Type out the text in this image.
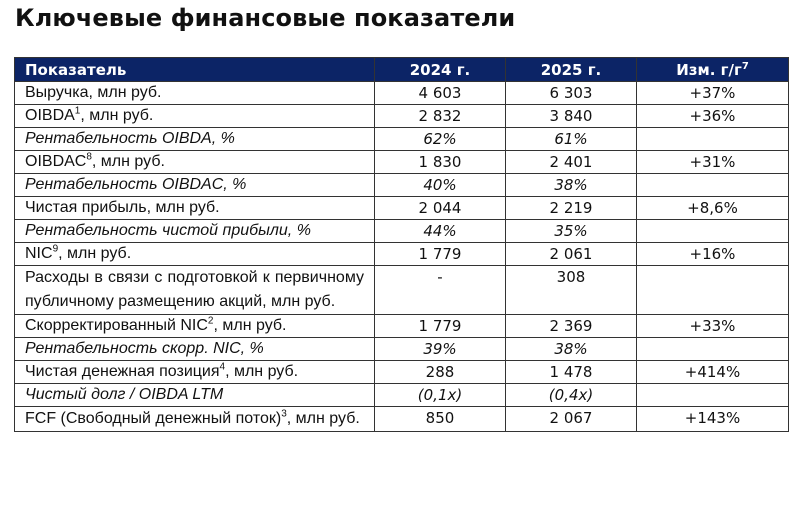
Ключевые финансовые показатели
Показатель	2024 г.	2025 г.	Изм. $г/г^7$
Выручка, млн руб.	4 603	6 303	+37%
OIBDA$^1$, млн руб.	2 832	3 840	+36%
Рентабельность OIBDA, %	62%	61%	
OIBDAC$^8$, млн руб.	1 830	2 401	+31%
Рентабельность OIBDAC, %	40%	38%	
Чистая прибыль, млн руб.	2 044	2 219	+8,6%
Рентабельность чистой прибыли, %	44%	35%	
NIC$^9$, млн руб.	1 779	2 061	+16%
Расходы в связи с подготовкой к первичному публичному размещению акций, млн руб.	-	308	
Скорректированный NIC$^2$, млн руб.	1 779	2 369	+33%
Рентабельность скорр. NIC, %	39%	38%	
Чистая денежная позиция$^4$, млн руб.	288	1 478	+414%
Чистый долг / OIBDA LTM	(0,1x)	(0,4x)	
FCF (Свободный денежный поток)$^3$, млн руб.	850	2 067	+143%
